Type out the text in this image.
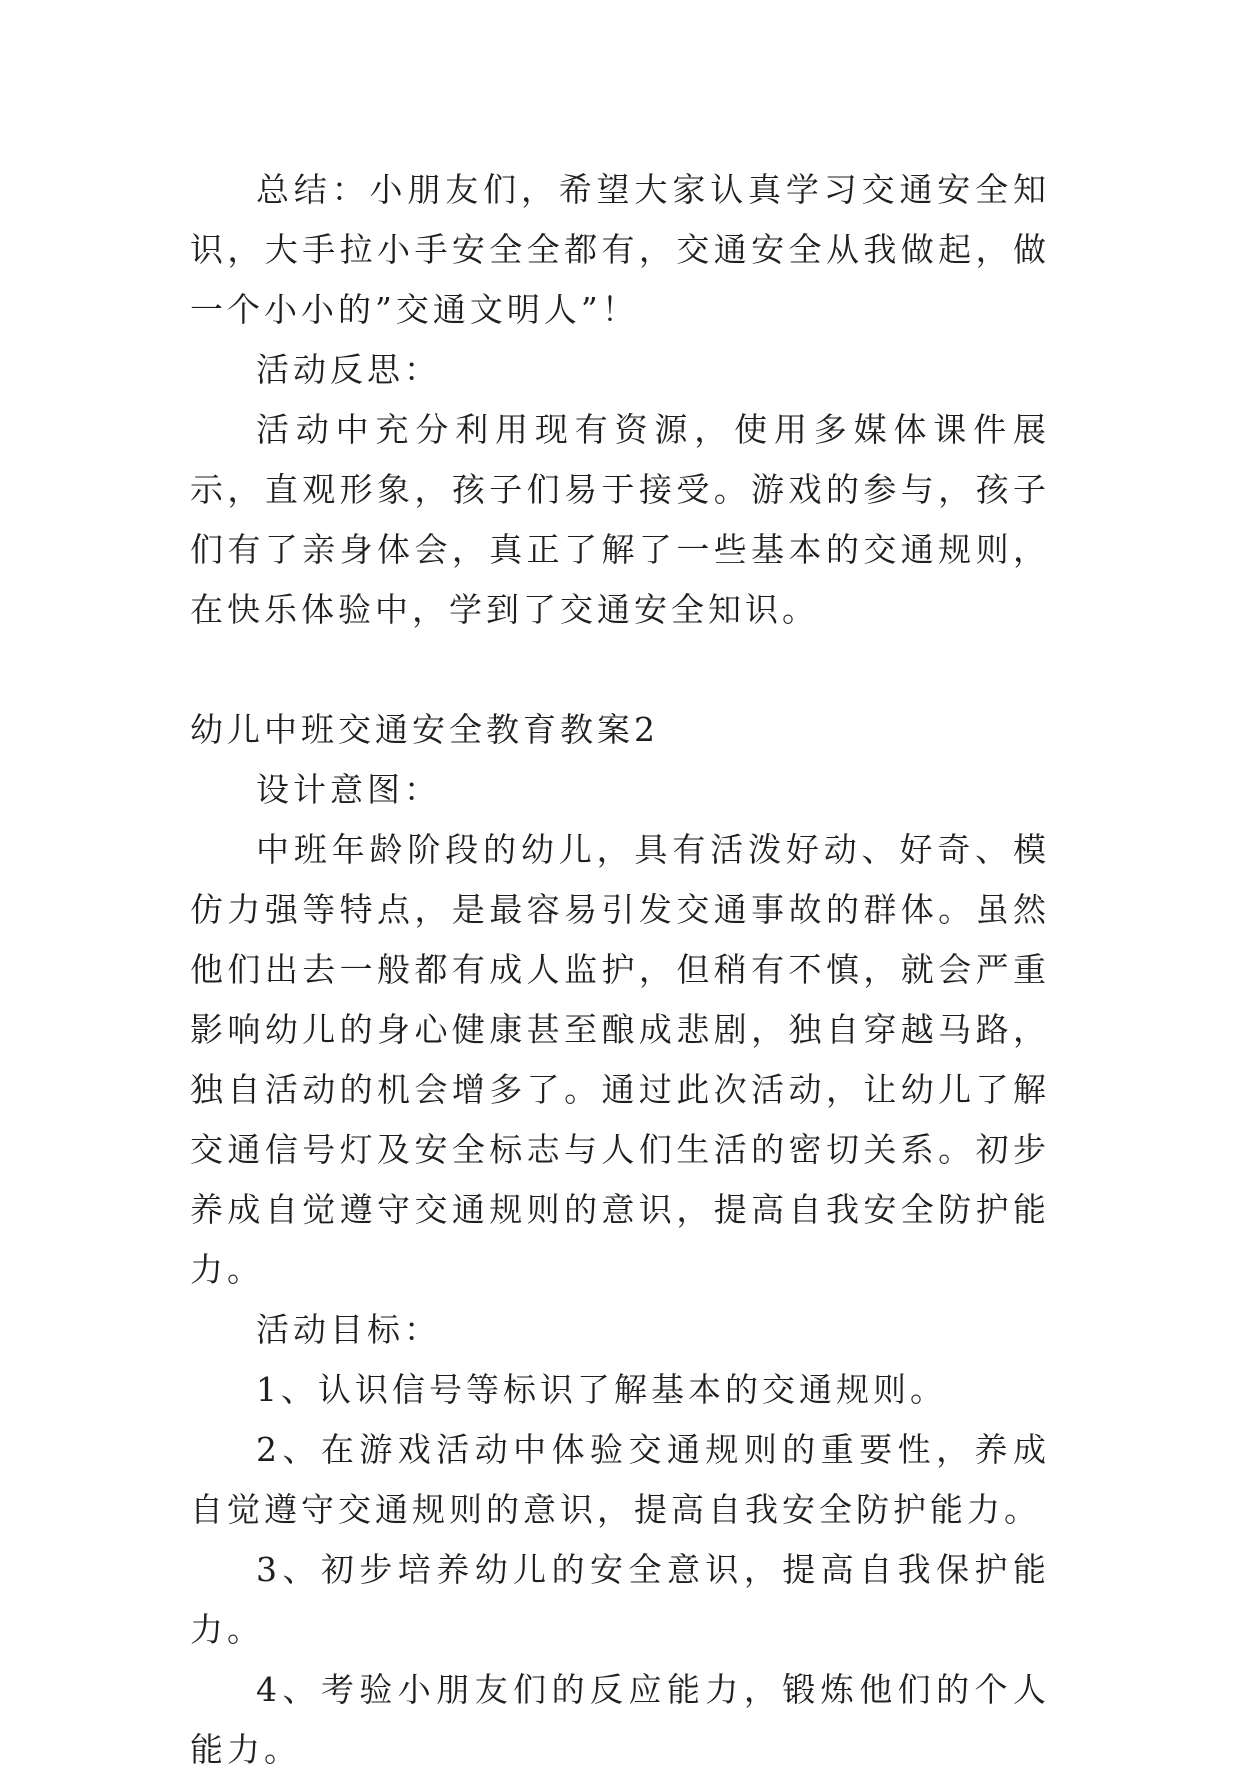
总结：小朋友们，希望大家认真学习交通安全知识，大手拉小手安全全都有，交通安全从我做起，做一个小小的”交通文明人”！

活动反思：

活动中充分利用现有资源，使用多媒体课件展示，直观形象，孩子们易于接受。游戏的参与，孩子们有了亲身体会，真正了解了一些基本的交通规则，在快乐体验中，学到了交通安全知识。

幼儿中班交通安全教育教案2

设计意图：

中班年龄阶段的幼儿，具有活泼好动、好奇、模仿力强等特点，是最容易引发交通事故的群体。虽然他们出去一般都有成人监护，但稍有不慎，就会严重影响幼儿的身心健康甚至酿成悲剧，独自穿越马路，独自活动的机会增多了。通过此次活动，让幼儿了解交通信号灯及安全标志与人们生活的密切关系。初步养成自觉遵守交通规则的意识，提高自我安全防护能力。

活动目标：

1、认识信号等标识了解基本的交通规则。

2、在游戏活动中体验交通规则的重要性，养成自觉遵守交通规则的意识，提高自我安全防护能力。

3、初步培养幼儿的安全意识，提高自我保护能力。

4、考验小朋友们的反应能力，锻炼他们的个人能力。
